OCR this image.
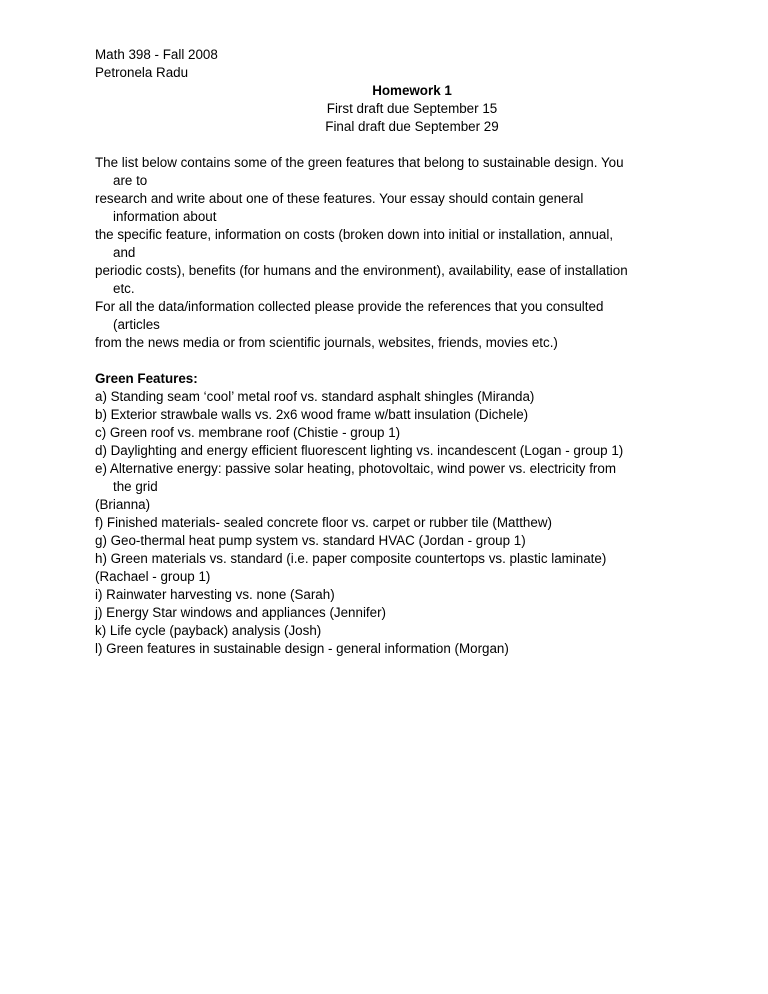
Math 398 - Fall 2008
Petronela Radu
Homework 1
First draft due September 15
Final draft due September 29
The list below contains some of the green features that belong to sustainable design. You
are to
research and write about one of these features. Your essay should contain general
information about
the specific feature, information on costs (broken down into initial or installation, annual,
and
periodic costs), benefits (for humans and the environment), availability, ease of installation
etc.
For all the data/information collected please provide the references that you consulted
(articles
from the news media or from scientific journals, websites, friends, movies etc.)
Green Features:
a) Standing seam ‘cool’ metal roof vs. standard asphalt shingles (Miranda)
b) Exterior strawbale walls vs. 2x6 wood frame w/batt insulation (Dichele)
c) Green roof vs. membrane roof (Chistie - group 1)
d) Daylighting and energy efficient fluorescent lighting vs. incandescent (Logan - group 1)
e) Alternative energy: passive solar heating, photovoltaic, wind power vs. electricity from
the grid
(Brianna)
f) Finished materials- sealed concrete floor vs. carpet or rubber tile (Matthew)
g) Geo-thermal heat pump system vs. standard HVAC (Jordan - group 1)
h) Green materials vs. standard (i.e. paper composite countertops vs. plastic laminate)
(Rachael - group 1)
i) Rainwater harvesting vs. none (Sarah)
j) Energy Star windows and appliances (Jennifer)
k) Life cycle (payback) analysis (Josh)
l) Green features in sustainable design - general information (Morgan)
